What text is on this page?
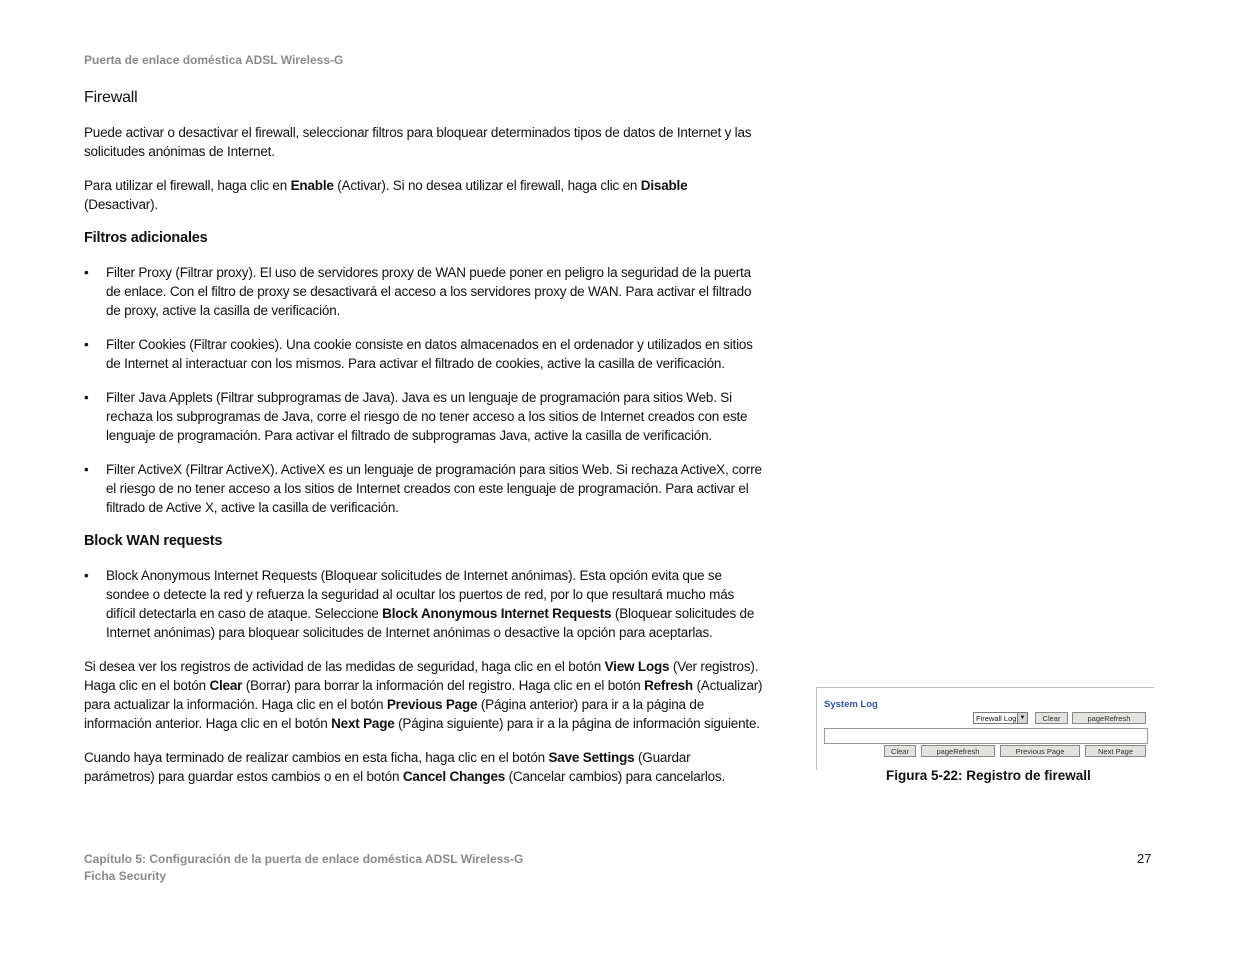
Puerta de enlace doméstica ADSL Wireless-G
Firewall

Puede activar o desactivar el firewall, seleccionar filtros para bloquear determinados tipos de datos de Internet y las solicitudes anónimas de Internet.

Para utilizar el firewall, haga clic en Enable (Activar). Si no desea utilizar el firewall, haga clic en Disable (Desactivar).

Filtros adicionales
• Filter Proxy (Filtrar proxy). El uso de servidores proxy de WAN puede poner en peligro la seguridad de la puerta de enlace. Con el filtro de proxy se desactivará el acceso a los servidores proxy de WAN. Para activar el filtrado de proxy, active la casilla de verificación.
• Filter Cookies (Filtrar cookies). Una cookie consiste en datos almacenados en el ordenador y utilizados en sitios de Internet al interactuar con los mismos. Para activar el filtrado de cookies, active la casilla de verificación.
• Filter Java Applets (Filtrar subprogramas de Java). Java es un lenguaje de programación para sitios Web. Si rechaza los subprogramas de Java, corre el riesgo de no tener acceso a los sitios de Internet creados con este lenguaje de programación. Para activar el filtrado de subprogramas Java, active la casilla de verificación.
• Filter ActiveX (Filtrar ActiveX). ActiveX es un lenguaje de programación para sitios Web. Si rechaza ActiveX, corre el riesgo de no tener acceso a los sitios de Internet creados con este lenguaje de programación. Para activar el filtrado de Active X, active la casilla de verificación.
Block WAN requests
• Block Anonymous Internet Requests (Bloquear solicitudes de Internet anónimas). Esta opción evita que se sondee o detecte la red y refuerza la seguridad al ocultar los puertos de red, por lo que resultará mucho más difícil detectarla en caso de ataque. Seleccione Block Anonymous Internet Requests (Bloquear solicitudes de Internet anónimas) para bloquear solicitudes de Internet anónimas o desactive la opción para aceptarlas.

Si desea ver los registros de actividad de las medidas de seguridad, haga clic en el botón View Logs (Ver registros). Haga clic en el botón Clear (Borrar) para borrar la información del registro. Haga clic en el botón Refresh (Actualizar) para actualizar la información. Haga clic en el botón Previous Page (Página anterior) para ir a la página de información anterior. Haga clic en el botón Next Page (Página siguiente) para ir a la página de información siguiente.

Cuando haya terminado de realizar cambios en esta ficha, haga clic en el botón Save Settings (Guardar parámetros) para guardar estos cambios o en el botón Cancel Changes (Cancelar cambios) para cancelarlos.

System Log
Firewall Log ▼	Clear	pageRefresh
Clear	pageRefresh	Previous Page	Next Page
Figura 5-22: Registro de firewall
Capítulo 5: Configuración de la puerta de enlace doméstica ADSL Wireless-G
Ficha Security
27
